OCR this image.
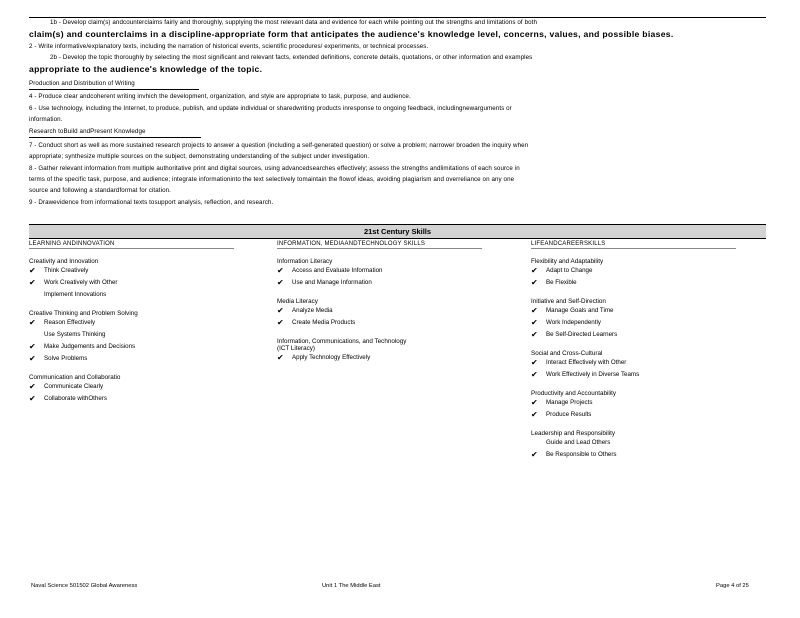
1b - Develop claim(s) andcounterclaims fairly and thoroughly, supplying the most relevant data and evidence for each while pointing out the strengths and limitations of both
claim(s) and counterclaims in a discipline-appropriate form that anticipates the audience's knowledge level, concerns, values, and possible biases.
2 - Write informative/explanatory texts, including the narration of historical events, scientific procedures/ experiments, or technical processes.
2b - Develop the topic thoroughly by selecting the most significant and relevant facts, extended definitions, concrete details, quotations, or other information and examples
appropriate to the audience's knowledge of the topic.
Production and Distribution of Writing
4 - Produce clear andcoherent writing invhich the development, organization, and style are appropriate to task, purpose, and audience.
6 - Use technology, including the Internet, to produce, publish, and update individual or sharedwriting products inresponse to ongoing feedback, includingnewarguments or
information.
Research toBuild andPresent Knowledge
7 - Conduct short as well as more sustained research projects to answer a question (including a self-generated question) or solve a problem; narrower broaden the inquiry when
appropriate; synthesize multiple sources on the subject, demonstrating understanding of the subject under investigation.
8 - Gather relevant information from multiple authoritative print and digital sources, using advancedsearches effectively; assess the strengths andlimitations of each source in
terms of the specific task, purpose, and audience; integrate informationinto the text selectively tomaintain the flowof ideas, avoiding plagiarism and overreliance on any one
source and following a standardformat for citation.
9 - Drawevidence from informational texts tosupport analysis, reflection, and research.
21st Century Skills
LEARNING ANDINNOVATION
Creativity and Innovation
✔ Think Creatively
✔ Work Creatively with Other
Implement Innovations
Creative Thinking and Problem Solving
✔ Reason Effectively
Use Systems Thinking
✔ Make Judgements and Decisions
✔ Solve Problems
Communication and Collaboratio
✔ Communicate Clearly
✔ Collaborate withOthers
INFORMATION, MEDIAANDTECHNOLOGY SKILLS
Information Literacy
✔ Access and Evaluate Information
✔ Use and Manage Information
Media Literacy
✔ Analyze Media
✔ Create Media Products
Information, Communications, and Technology
(ICT Literacy)
✔ Apply Technology Effectively
LIFEANDCAREERSKILLS
Flexibility and Adaptability
✔ Adapt to Change
✔ Be Flexible
Initiative and Self-Direction
✔ Manage Goals and Time
✔ Work Independently
✔ Be Self-Directed Learners
Social and Cross-Cultural
✔ Interact Effectively with Other
✔ Work Effectively in Diverse Teams
Productivity and Accountability
✔ Manage Projects
✔ Produce Results
Leadership and Responsibility
Guide and Lead Others
✔ Be Responsible to Others
Naval Science 501502 Global Awareness	Unit 1 The Middle East	Page 4 of 25
